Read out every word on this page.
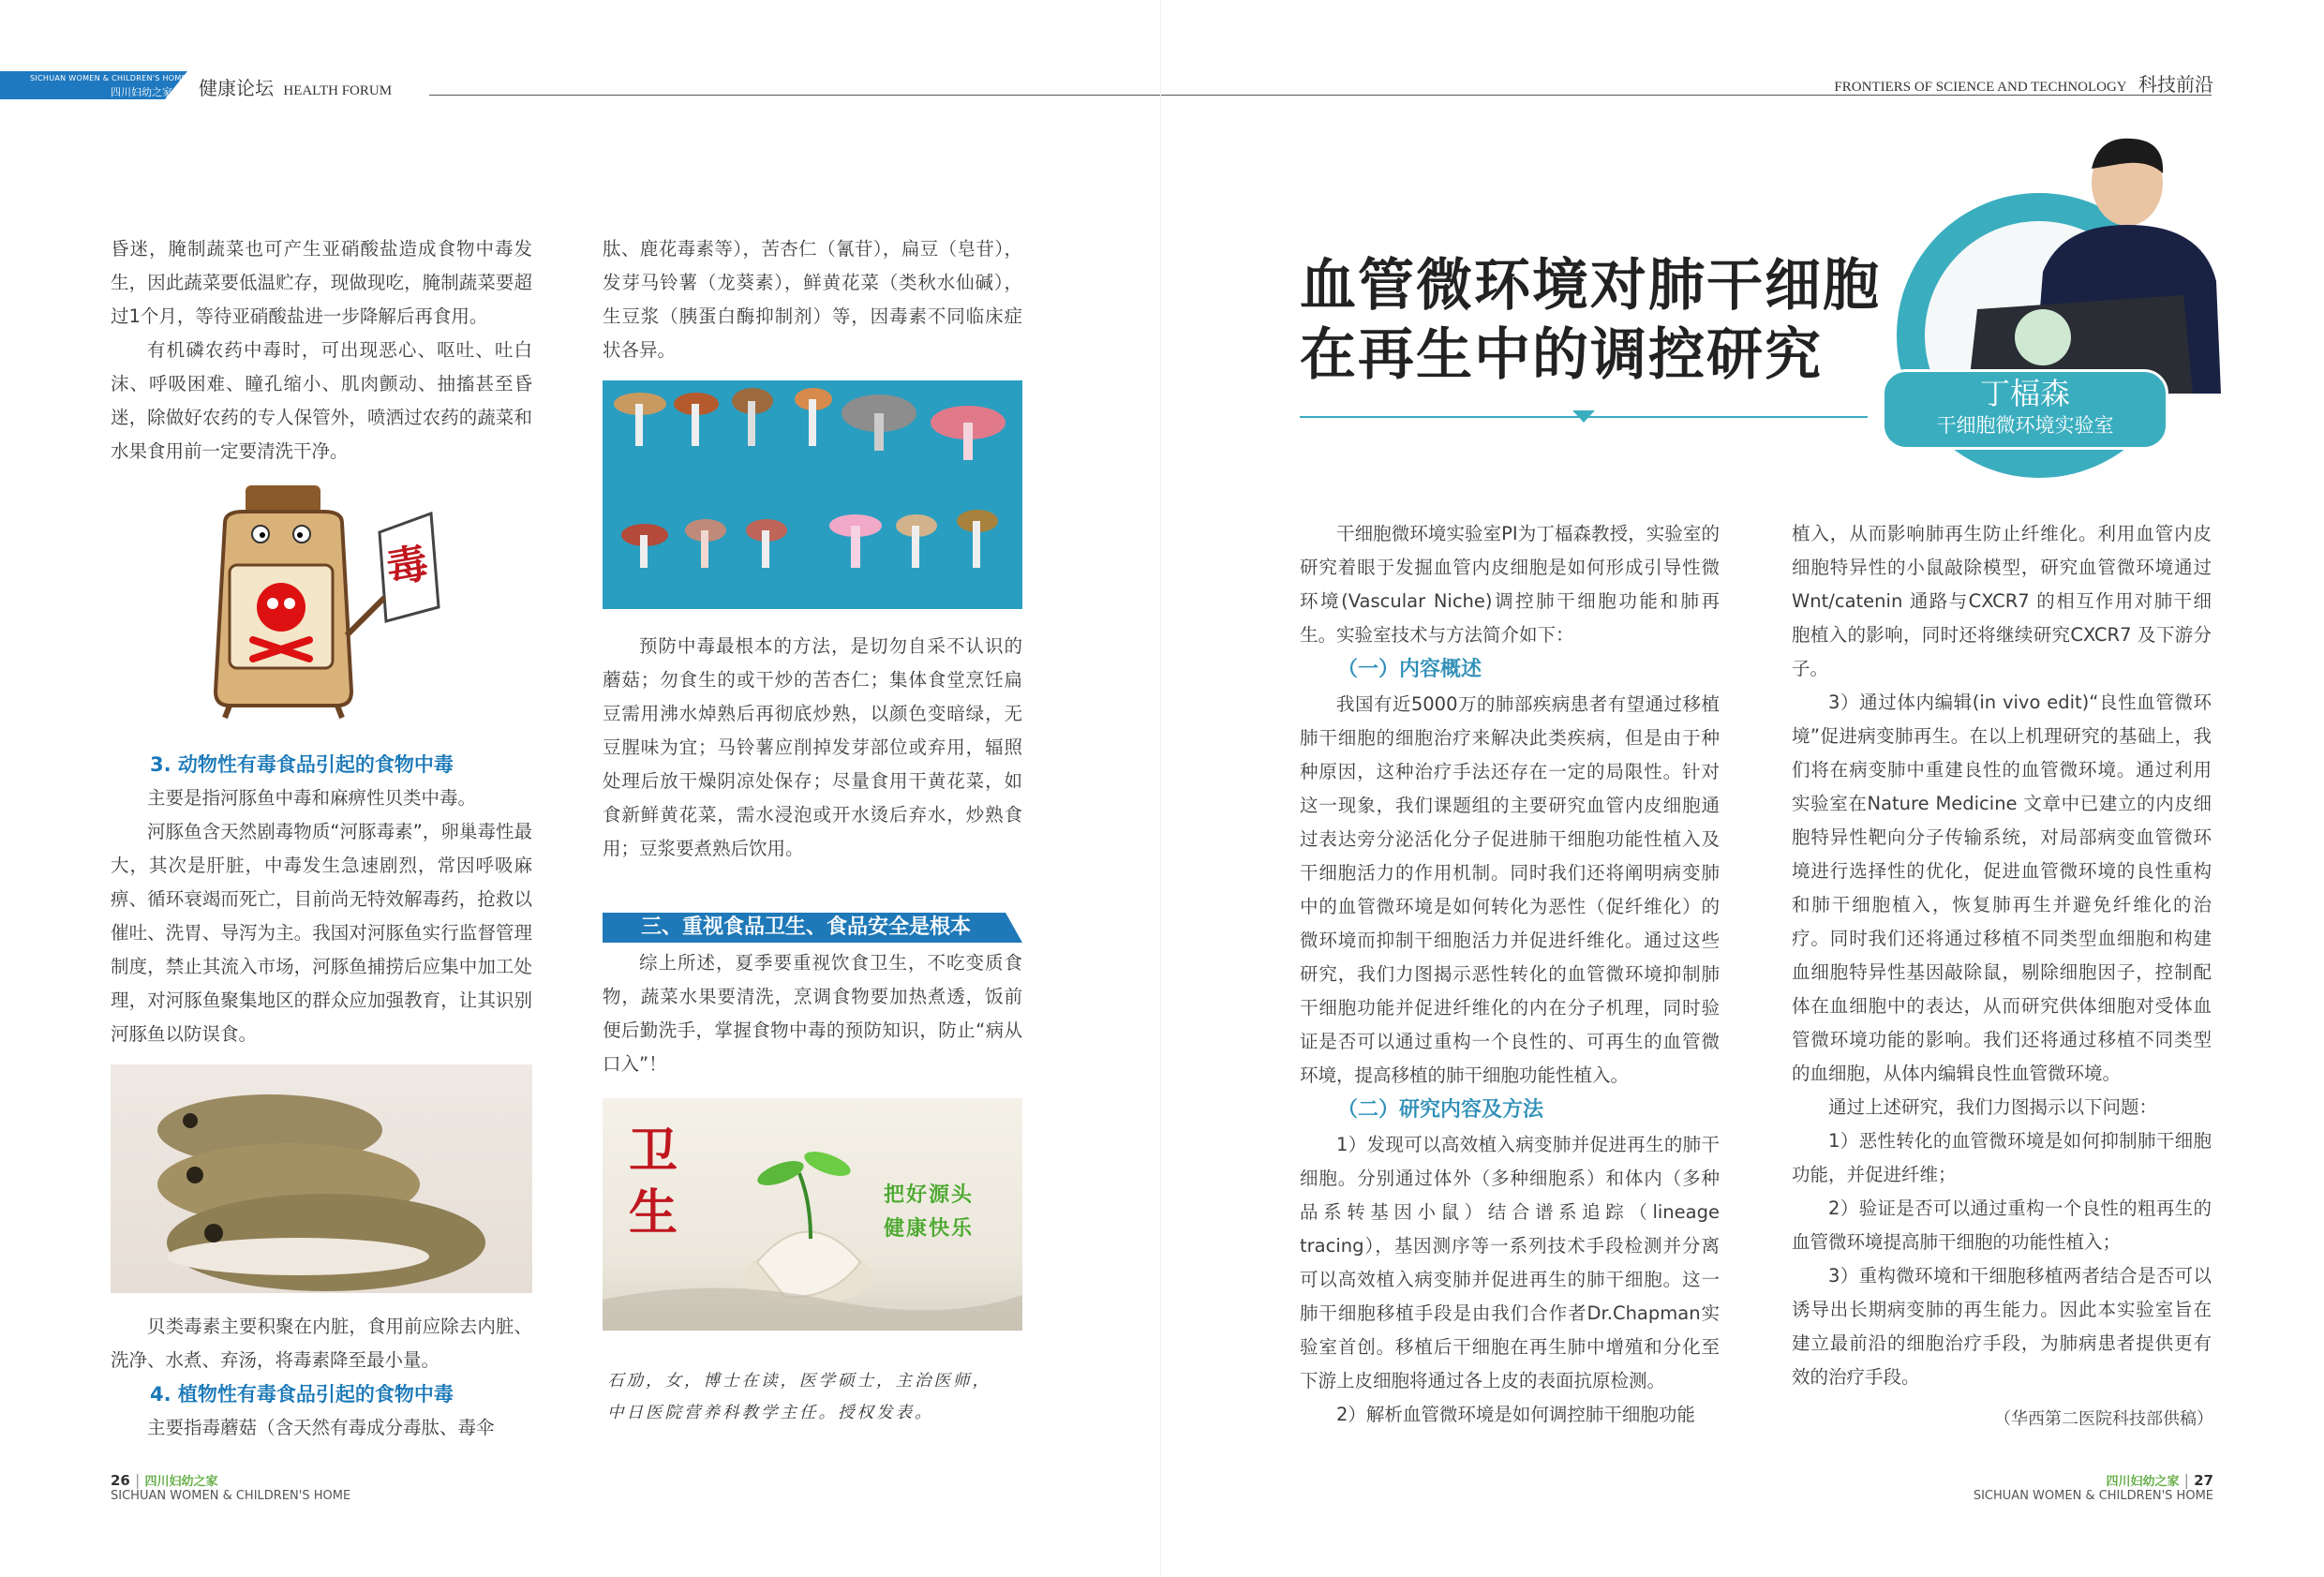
SICHUAN WOMEN & CHILDREN'S HOME
四川妇幼之家 健康论坛 HEALTH FORUM	FRONTIERS OF SCIENCE AND TECHNOLOGY 科技前沿

昏迷，腌制蔬菜也可产生亚硝酸盐造成食物中毒发生，因此蔬菜要低温贮存，现做现吃，腌制蔬菜要超过1个月，等待亚硝酸盐进一步降解后再食用。

有机磷农药中毒时，可出现恶心、呕吐、吐白沫、呼吸困难、瞳孔缩小、肌肉颤动、抽搐甚至昏迷，除做好农药的专人保管外，喷洒过农药的蔬菜和水果食用前一定要清洗干净。

毒
3. 动物性有毒食品引起的食物中毒

主要是指河豚鱼中毒和麻痹性贝类中毒。

河豚鱼含天然剧毒物质“河豚毒素”，卵巢毒性最大，其次是肝脏，中毒发生急速剧烈，常因呼吸麻痹、循环衰竭而死亡，目前尚无特效解毒药，抢救以催吐、洗胃、导泻为主。我国对河豚鱼实行监督管理制度，禁止其流入市场，河豚鱼捕捞后应集中加工处理，对河豚鱼聚集地区的群众应加强教育，让其识别河豚鱼以防误食。

贝类毒素主要积聚在内脏，食用前应除去内脏、洗净、水煮、弃汤，将毒素降至最小量。

4. 植物性有毒食品引起的食物中毒

主要指毒蘑菇（含天然有毒成分毒肽、毒伞

肽、鹿花毒素等），苦杏仁（氰苷），扁豆（皂苷），发芽马铃薯（龙葵素），鲜黄花菜（类秋水仙碱），生豆浆（胰蛋白酶抑制剂）等，因毒素不同临床症状各异。

预防中毒最根本的方法，是切勿自采不认识的蘑菇；勿食生的或干炒的苦杏仁；集体食堂烹饪扁豆需用沸水焯熟后再彻底炒熟，以颜色变暗绿，无豆腥味为宜；马铃薯应削掉发芽部位或弃用，辐照处理后放干燥阴凉处保存；尽量食用干黄花菜，如食新鲜黄花菜，需水浸泡或开水烫后弃水，炒熟食用；豆浆要煮熟后饮用。

三、重视食品卫生、食品安全是根本

综上所述，夏季要重视饮食卫生，不吃变质食物，蔬菜水果要清洗，烹调食物要加热煮透，饭前便后勤洗手，掌握食物中毒的预防知识，防止“病从口入”！

卫
生	把好源头
健康快乐
石劢，女，博士在读，医学硕士，主治医师，
中日医院营养科教学主任。授权发表。
26 | 四川妇幼之家
SICHUAN WOMEN & CHILDREN'S HOME
血管微环境对肺干细胞
在再生中的调控研究
丁楅森
干细胞微环境实验室

干细胞微环境实验室PI为丁楅森教授，实验室的研究着眼于发掘血管内皮细胞是如何形成引导性微环境(Vascular Niche)调控肺干细胞功能和肺再生。实验室技术与方法简介如下：

（一）内容概述

我国有近5000万的肺部疾病患者有望通过移植肺干细胞的细胞治疗来解决此类疾病，但是由于种种原因，这种治疗手法还存在一定的局限性。针对这一现象，我们课题组的主要研究血管内皮细胞通过表达旁分泌活化分子促进肺干细胞功能性植入及干细胞活力的作用机制。同时我们还将阐明病变肺中的血管微环境是如何转化为恶性（促纤维化）的微环境而抑制干细胞活力并促进纤维化。通过这些研究，我们力图揭示恶性转化的血管微环境抑制肺干细胞功能并促进纤维化的内在分子机理，同时验证是否可以通过重构一个良性的、可再生的血管微环境，提高移植的肺干细胞功能性植入。

（二）研究内容及方法

1）发现可以高效植入病变肺并促进再生的肺干细胞。分别通过体外（多种细胞系）和体内（多种品系转基因小鼠）结合谱系追踪（lineage tracing），基因测序等一系列技术手段检测并分离可以高效植入病变肺并促进再生的肺干细胞。这一肺干细胞移植手段是由我们合作者Dr.Chapman实验室首创。移植后干细胞在再生肺中增殖和分化至下游上皮细胞将通过各上皮的表面抗原检测。

2）解析血管微环境是如何调控肺干细胞功能

植入，从而影响肺再生防止纤维化。利用血管内皮细胞特异性的小鼠敲除模型，研究血管微环境通过Wnt/catenin 通路与CXCR7 的相互作用对肺干细胞植入的影响，同时还将继续研究CXCR7 及下游分子。

3）通过体内编辑(in vivo edit)“良性血管微环境”促进病变肺再生。在以上机理研究的基础上，我们将在病变肺中重建良性的血管微环境。通过利用实验室在Nature Medicine 文章中已建立的内皮细胞特异性靶向分子传输系统，对局部病变血管微环境进行选择性的优化，促进血管微环境的良性重构和肺干细胞植入，恢复肺再生并避免纤维化的治疗。同时我们还将通过移植不同类型血细胞和构建血细胞特异性基因敲除鼠，剔除细胞因子，控制配体在血细胞中的表达，从而研究供体细胞对受体血管微环境功能的影响。我们还将通过移植不同类型的血细胞，从体内编辑良性血管微环境。

通过上述研究，我们力图揭示以下问题：

1）恶性转化的血管微环境是如何抑制肺干细胞功能，并促进纤维；

2）验证是否可以通过重构一个良性的粗再生的血管微环境提高肺干细胞的功能性植入；

3）重构微环境和干细胞移植两者结合是否可以诱导出长期病变肺的再生能力。因此本实验室旨在建立最前沿的细胞治疗手段，为肺病患者提供更有效的治疗手段。

（华西第二医院科技部供稿）
四川妇幼之家 | 27
SICHUAN WOMEN & CHILDREN'S HOME
